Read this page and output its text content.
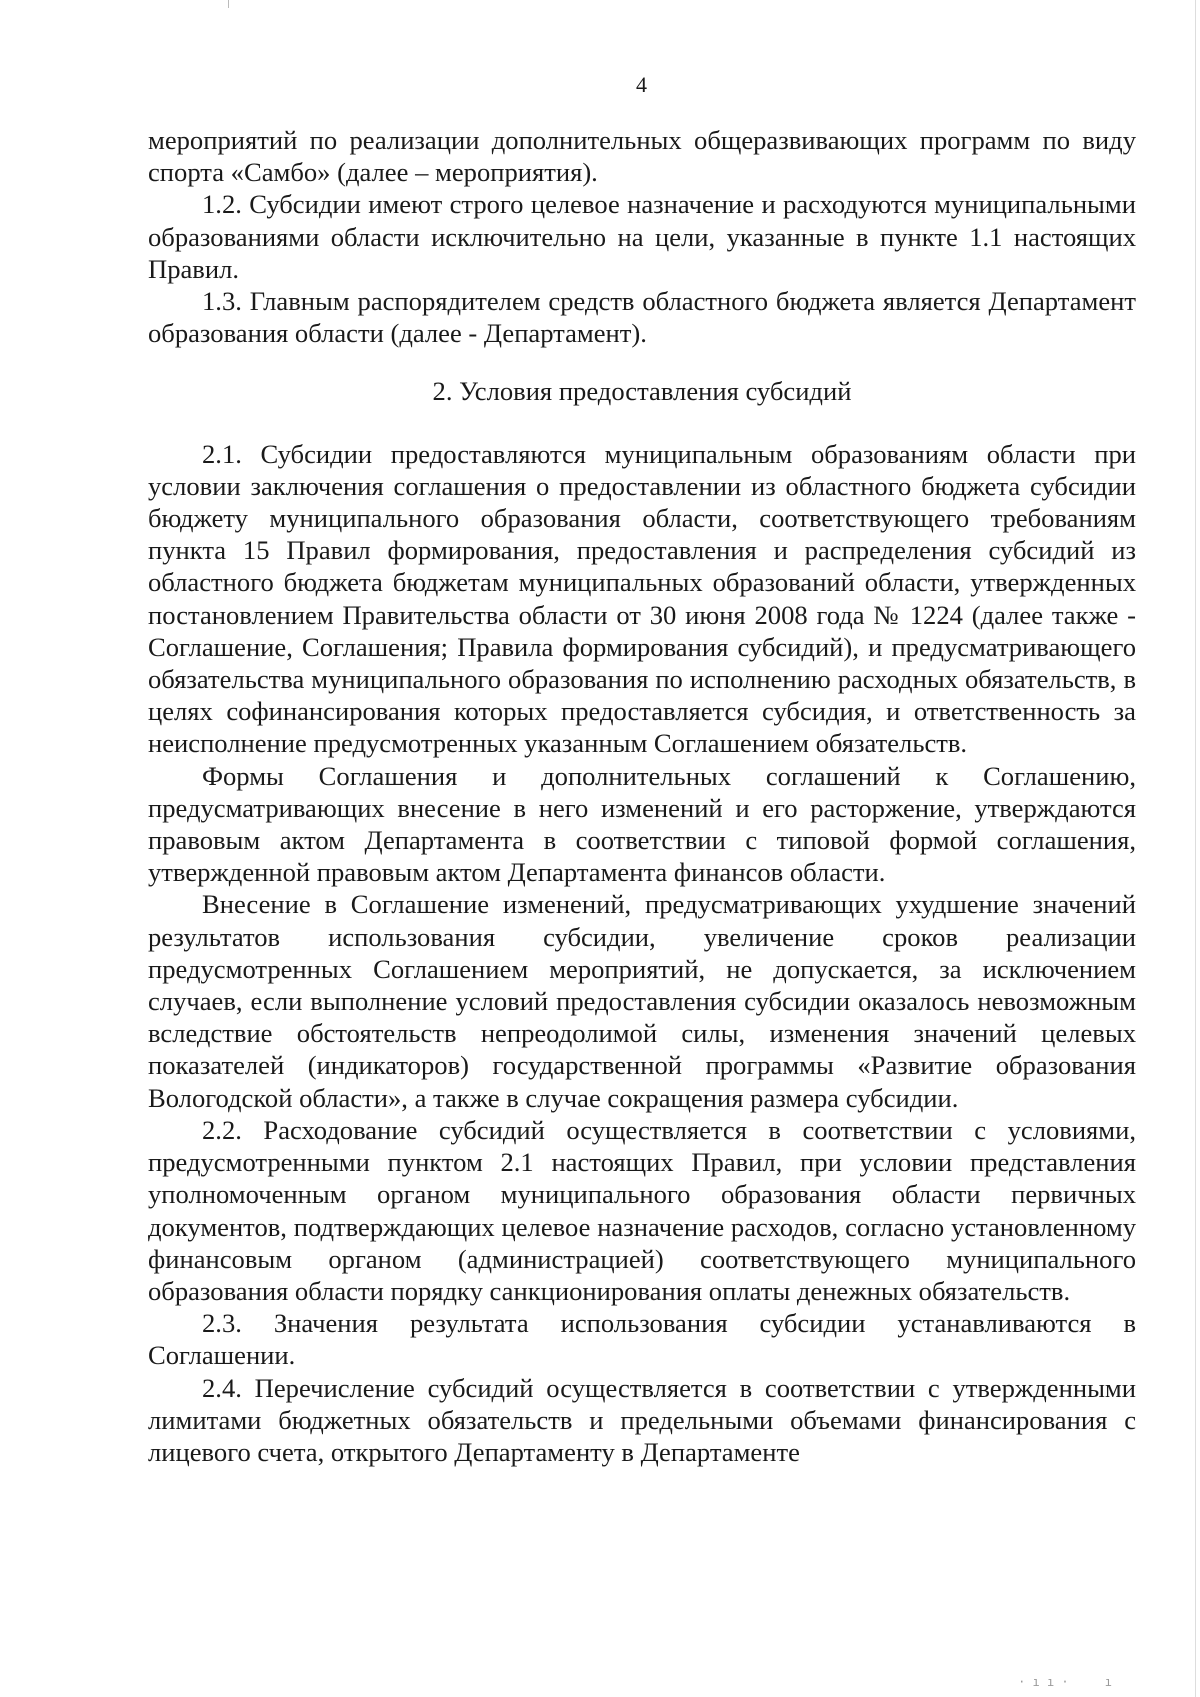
4

мероприятий по реализации дополнительных общеразвивающих программ по виду спорта «Самбо» (далее – мероприятия).

1.2. Субсидии имеют строго целевое назначение и расходуются муниципальными образованиями области исключительно на цели, указанные в пункте 1.1 настоящих Правил.

1.3. Главным распорядителем средств областного бюджета является Департамент образования области (далее - Департамент).

2. Условия предоставления субсидий

2.1. Субсидии предоставляются муниципальным образованиям области при условии заключения соглашения о предоставлении из областного бюджета субсидии бюджету муниципального образования области, соответствующего требованиям пункта 15 Правил формирования, предоставления и распределения субсидий из областного бюджета бюджетам муниципальных образований области, утвержденных постановлением Правительства области от 30 июня 2008 года № 1224 (далее также - Соглашение, Соглашения; Правила формирования субсидий), и предусматривающего обязательства муниципального образования по исполнению расходных обязательств, в целях софинансирования которых предоставляется субсидия, и ответственность за неисполнение предусмотренных указанным Соглашением обязательств.

Формы Соглашения и дополнительных соглашений к Соглашению, предусматривающих внесение в него изменений и его расторжение, утверждаются правовым актом Департамента в соответствии с типовой формой соглашения, утвержденной правовым актом Департамента финансов области.

Внесение в Соглашение изменений, предусматривающих ухудшение значений результатов использования субсидии, увеличение сроков реализации предусмотренных Соглашением мероприятий, не допускается, за исключением случаев, если выполнение условий предоставления субсидии оказалось невозможным вследствие обстоятельств непреодолимой силы, изменения значений целевых показателей (индикаторов) государственной программы «Развитие образования Вологодской области», а также в случае сокращения размера субсидии.

2.2. Расходование субсидий осуществляется в соответствии с условиями, предусмотренными пунктом 2.1 настоящих Правил, при условии представления уполномоченным органом муниципального образования области первичных документов, подтверждающих целевое назначение расходов, согласно установленному финансовым органом (администрацией) соответствующего муниципального образования области порядку санкционирования оплаты денежных обязательств.

2.3. Значения результата использования субсидии устанавливаются в Соглашении.

2.4. Перечисление субсидий осуществляется в соответствии с утвержденными лимитами бюджетных обязательств и предельными объемами финансирования с лицевого счета, открытого Департаменту в Департаменте

· ı ı ·     ı
